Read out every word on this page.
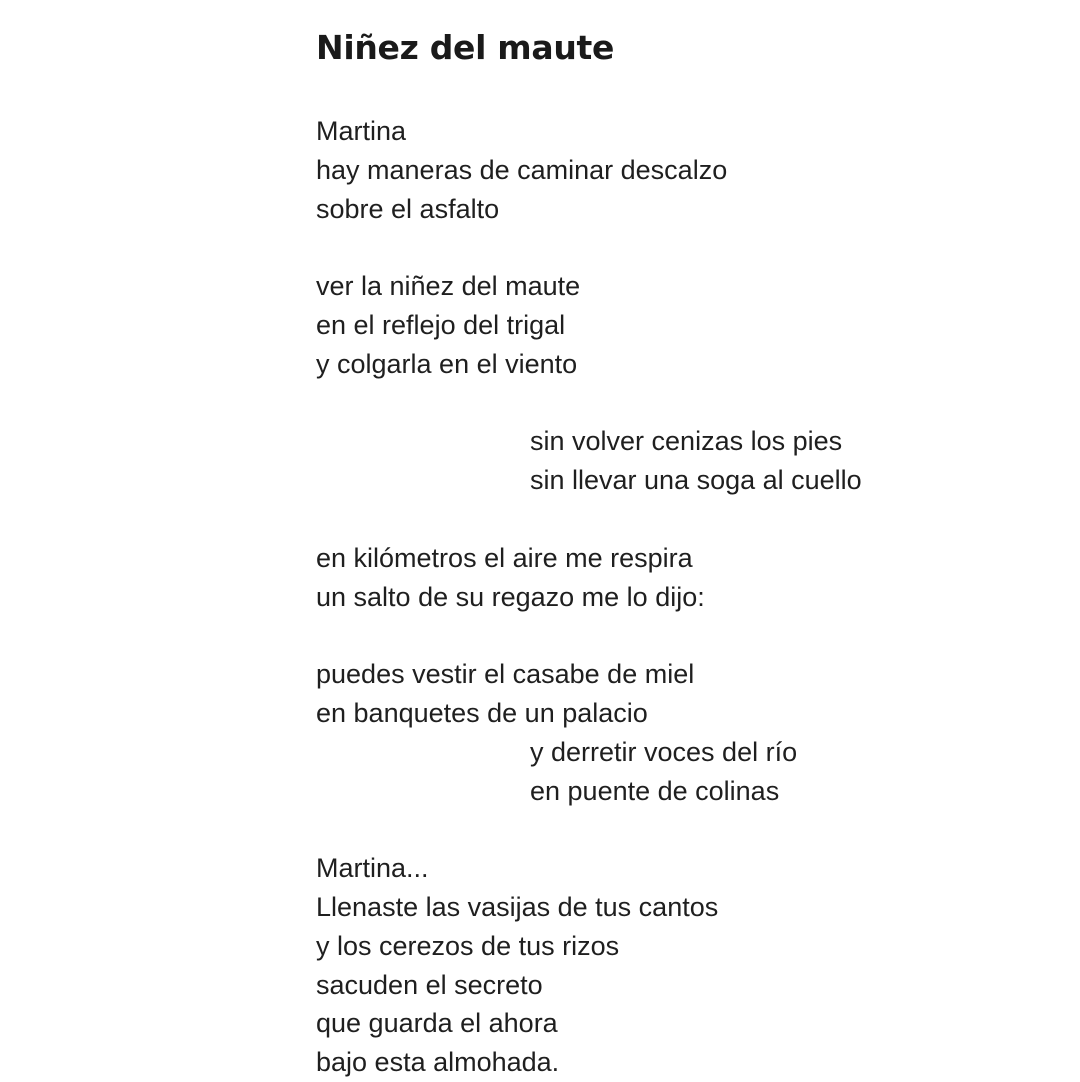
Niñez del maute
Martina
hay maneras de caminar descalzo
sobre el asfalto
ver la niñez del maute
en el reflejo del trigal
y colgarla en el viento
sin volver cenizas los pies
sin llevar una soga al cuello
en kilómetros el aire me respira
un salto de su regazo me lo dijo:
puedes vestir el casabe de miel
en banquetes de un palacio
y derretir voces del río
en puente de colinas
Martina...
Llenaste las vasijas de tus cantos
y los cerezos de tus rizos
sacuden el secreto
que guarda el ahora
bajo esta almohada.
